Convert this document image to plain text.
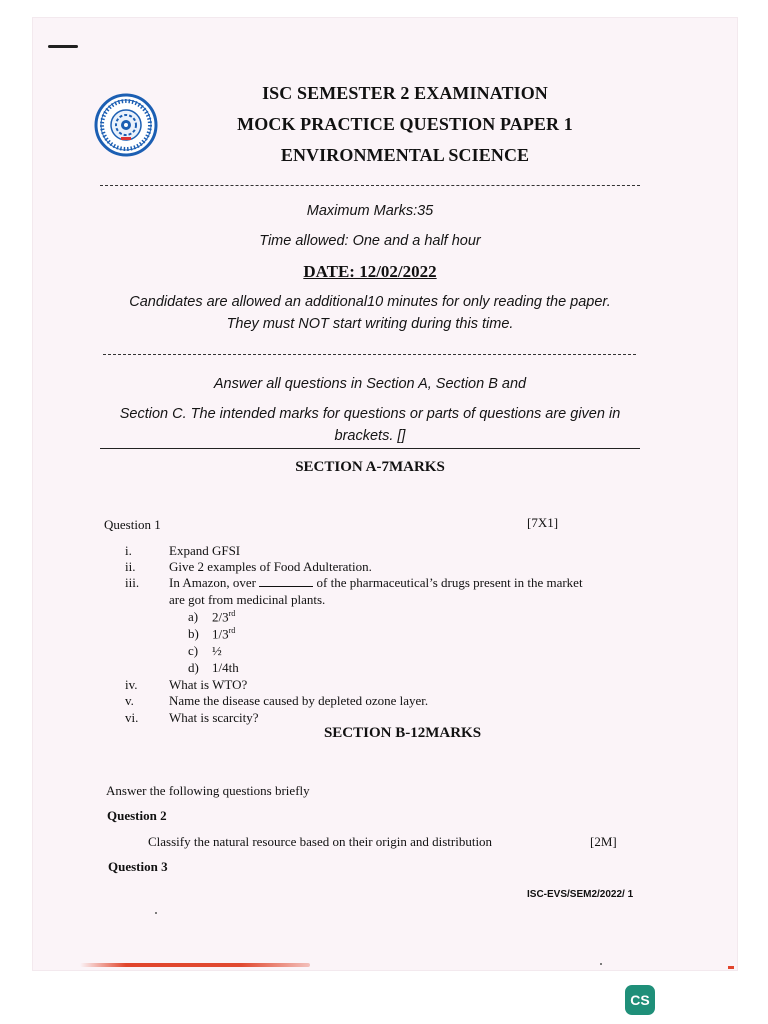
ISC SEMESTER 2 EXAMINATION
MOCK PRACTICE QUESTION PAPER 1
ENVIRONMENTAL SCIENCE
Maximum Marks:35
Time allowed: One and a half hour
DATE: 12/02/2022
Candidates are allowed an additional10 minutes for only reading the paper.
They must NOT start writing during this time.
Answer all questions in Section A, Section B and
Section C. The intended marks for questions or parts of questions are given in
brackets. []
SECTION A-7MARKS
Question 1	[7X1]
i.	Expand GFSI
ii.	Give 2 examples of Food Adulteration.
iii. In Amazon, over	of the pharmaceutical’s drugs present in the market
are got from medicinal plants.
a) 2/3rd
b) 1/3rd
c) ½
d) 1/4th
iv. What is WTO?
v.	Name the disease caused by depleted ozone layer.
vi. What is scarcity?
SECTION B-12MARKS
Answer the following questions briefly
Question 2
Classify the natural resource based on their origin and distribution	[2M]
Question 3
ISC-EVS/SEM2/2022/ 1
CS
